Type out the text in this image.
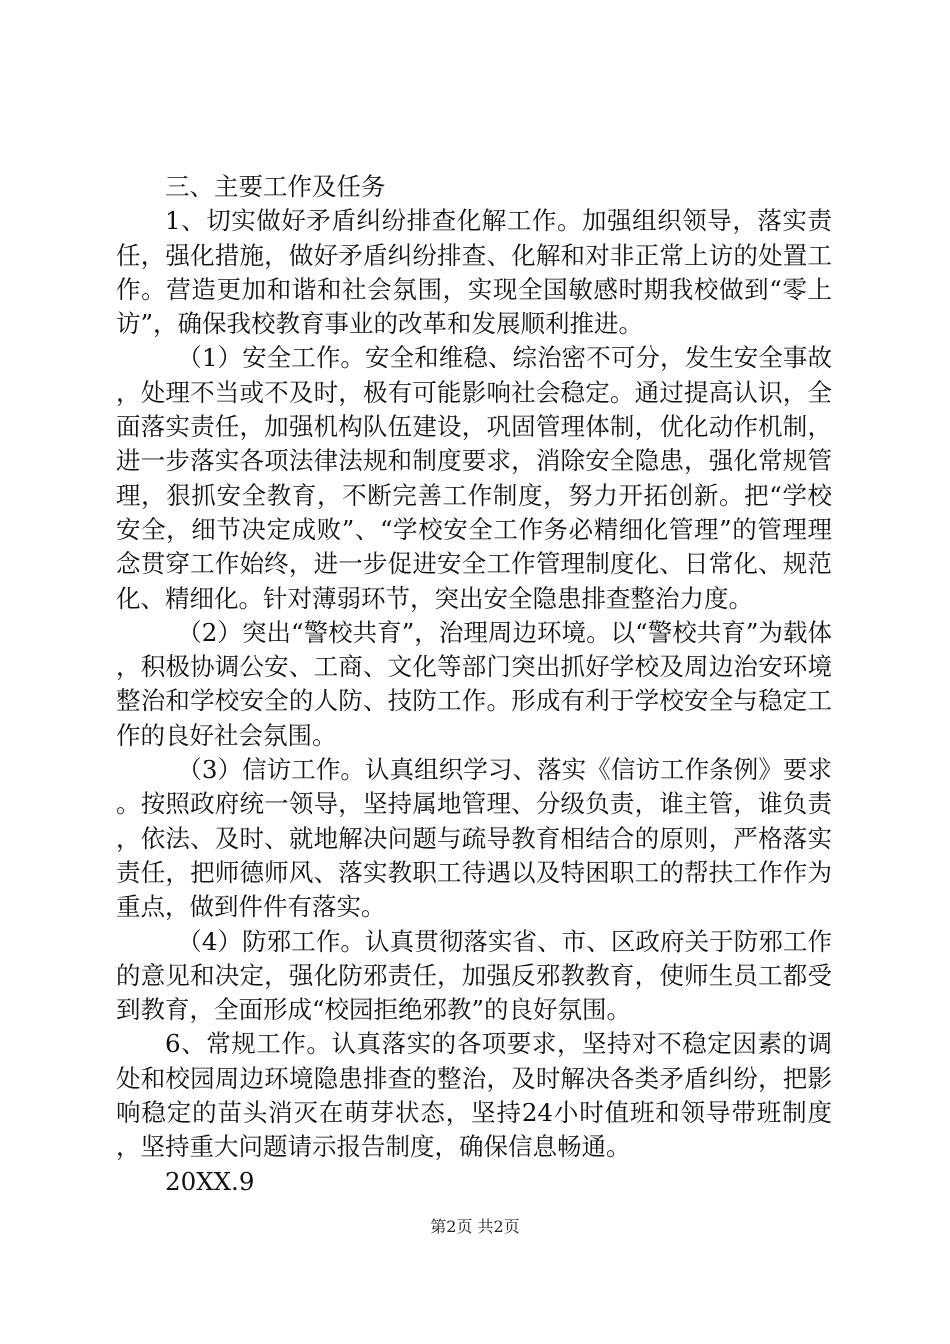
三、主要工作及任务

1、切实做好矛盾纠纷排查化解工作。加强组织领导，落实责任，强化措施，做好矛盾纠纷排查、化解和对非正常上访的处置工作。营造更加和谐和社会氛围，实现全国敏感时期我校做到“零上访”，确保我校教育事业的改革和发展顺利推进。

（1）安全工作。安全和维稳、综治密不可分，发生安全事故，处理不当或不及时，极有可能影响社会稳定。通过提高认识，全面落实责任，加强机构队伍建设，巩固管理体制，优化动作机制，进一步落实各项法律法规和制度要求，消除安全隐患，强化常规管理，狠抓安全教育，不断完善工作制度，努力开拓创新。把“学校安全，细节决定成败”、“学校安全工作务必精细化管理”的管理理念贯穿工作始终，进一步促进安全工作管理制度化、日常化、规范化、精细化。针对薄弱环节，突出安全隐患排查整治力度。

（2）突出“警校共育”，治理周边环境。以“警校共育”为载体，积极协调公安、工商、文化等部门突出抓好学校及周边治安环境整治和学校安全的人防、技防工作。形成有利于学校安全与稳定工作的良好社会氛围。

（3）信访工作。认真组织学习、落实《信访工作条例》要求。按照政府统一领导，坚持属地管理、分级负责，谁主管，谁负责，依法、及时、就地解决问题与疏导教育相结合的原则，严格落实责任，把师德师风、落实教职工待遇以及特困职工的帮扶工作作为重点，做到件件有落实。

（4）防邪工作。认真贯彻落实省、市、区政府关于防邪工作的意见和决定，强化防邪责任，加强反邪教教育，使师生员工都受到教育，全面形成“校园拒绝邪教”的良好氛围。

6、常规工作。认真落实的各项要求，坚持对不稳定因素的调处和校园周边环境隐患排查的整治，及时解决各类矛盾纠纷，把影响稳定的苗头消灭在萌芽状态，坚持24小时值班和领导带班制度，坚持重大问题请示报告制度，确保信息畅通。

20XX.9

第2页 共2页
